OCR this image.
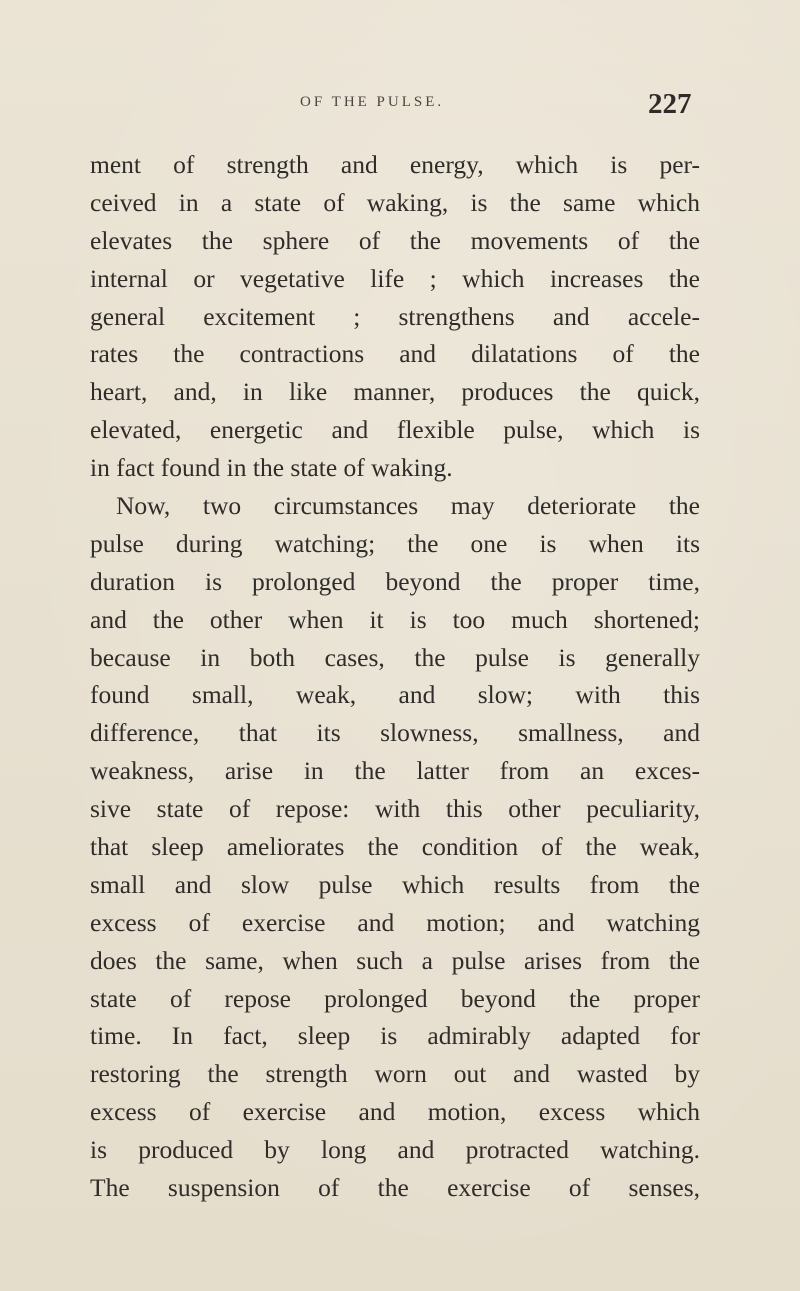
OF THE PULSE.	227
ment of strength and energy, which is per-
ceived in a state of waking, is the same which
elevates the sphere of the movements of the
internal or vegetative life ; which increases the
general excitement ; strengthens and accele-
rates the contractions and dilatations of the
heart, and, in like manner, produces the quick,
elevated, energetic and flexible pulse, which is
in fact found in the state of waking.
Now, two circumstances may deteriorate the
pulse during watching; the one is when its
duration is prolonged beyond the proper time,
and the other when it is too much shortened;
because in both cases, the pulse is generally
found small, weak, and slow; with this
difference, that its slowness, smallness, and
weakness, arise in the latter from an exces-
sive state of repose: with this other peculiarity,
that sleep ameliorates the condition of the weak,
small and slow pulse which results from the
excess of exercise and motion; and watching
does the same, when such a pulse arises from the
state of repose prolonged beyond the proper
time. In fact, sleep is admirably adapted for
restoring the strength worn out and wasted by
excess of exercise and motion, excess which
is produced by long and protracted watching.
The suspension of the exercise of senses,
